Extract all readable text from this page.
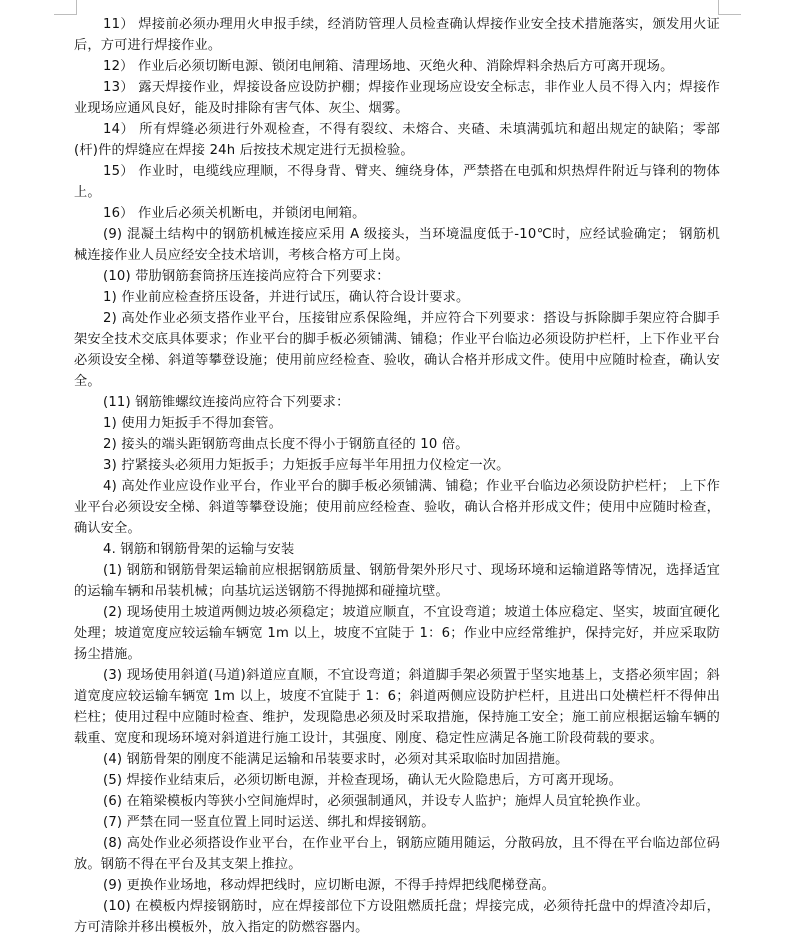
11） 焊接前必须办理用火申报手续，经消防管理人员检查确认焊接作业安全技术措施落实，颁发用火证后，方可进行焊接作业。

12） 作业后必须切断电源、锁闭电闸箱、清理场地、灭绝火种、消除焊料余热后方可离开现场。

13） 露天焊接作业，焊接设备应设防护棚；焊接作业现场应设安全标志，非作业人员不得入内；焊接作业现场应通风良好，能及时排除有害气体、灰尘、烟雾。

14） 所有焊缝必须进行外观检查，不得有裂纹、未熔合、夹碴、未填满弧坑和超出规定的缺陷；零部(杆)件的焊缝应在焊接 24h 后按技术规定进行无损检验。

15） 作业时，电缆线应理顺，不得身背、臂夹、缠绕身体，严禁搭在电弧和炽热焊件附近与锋利的物体上。

16） 作业后必须关机断电，并锁闭电闸箱。

(9) 混凝土结构中的钢筋机械连接应采用 A 级接头，当环境温度低于-10℃时，应经试验确定； 钢筋机械连接作业人员应经安全技术培训，考核合格方可上岗。

(10) 带肋钢筋套筒挤压连接尚应符合下列要求：

1) 作业前应检查挤压设备，并进行试压，确认符合设计要求。

2) 高处作业必须支搭作业平台，压接钳应系保险绳，并应符合下列要求：搭设与拆除脚手架应符合脚手架安全技术交底具体要求；作业平台的脚手板必须铺满、铺稳；作业平台临边必须设防护栏杆，上下作业平台必须设安全梯、斜道等攀登设施；使用前应经检查、验收，确认合格并形成文件。使用中应随时检查，确认安全。

(11) 钢筋锥螺纹连接尚应符合下列要求：

1) 使用力矩扳手不得加套管。

2) 接头的端头距钢筋弯曲点长度不得小于钢筋直径的 10 倍。

3) 拧紧接头必须用力矩扳手；力矩扳手应每半年用扭力仪检定一次。

4) 高处作业应设作业平台，作业平台的脚手板必须铺满、铺稳；作业平台临边必须设防护栏杆； 上下作业平台必须设安全梯、斜道等攀登设施；使用前应经检查、验收，确认合格并形成文件；使用中应随时检查，确认安全。

4. 钢筋和钢筋骨架的运输与安装

(1) 钢筋和钢筋骨架运输前应根据钢筋质量、钢筋骨架外形尺寸、现场环境和运输道路等情况，选择适宜的运输车辆和吊装机械；向基坑运送钢筋不得抛掷和碰撞坑壁。

(2) 现场使用土坡道两侧边坡必须稳定；坡道应顺直，不宜设弯道；坡道土体应稳定、坚实，坡面宜硬化处理；坡道宽度应较运输车辆宽 1m 以上，坡度不宜陡于 1：6；作业中应经常维护，保持完好，并应采取防扬尘措施。

(3) 现场使用斜道(马道)斜道应直顺，不宜设弯道；斜道脚手架必须置于坚实地基上，支搭必须牢固；斜道宽度应较运输车辆宽 1m 以上，坡度不宜陡于 1：6；斜道两侧应设防护栏杆，且进出口处横栏杆不得伸出栏柱；使用过程中应随时检查、维护，发现隐患必须及时采取措施，保持施工安全；施工前应根据运输车辆的载重、宽度和现场环境对斜道进行施工设计，其强度、刚度、稳定性应满足各施工阶段荷载的要求。

(4) 钢筋骨架的刚度不能满足运输和吊装要求时，必须对其采取临时加固措施。

(5) 焊接作业结束后，必须切断电源，并检查现场，确认无火险隐患后，方可离开现场。

(6) 在箱梁模板内等狭小空间施焊时，必须强制通风，并设专人监护；施焊人员宜轮换作业。

(7) 严禁在同一竖直位置上同时运送、绑扎和焊接钢筋。

(8) 高处作业必须搭设作业平台，在作业平台上，钢筋应随用随运，分散码放，且不得在平台临边部位码放。钢筋不得在平台及其支架上推拉。

(9) 更换作业场地，移动焊把线时，应切断电源，不得手持焊把线爬梯登高。

(10) 在模板内焊接钢筋时，应在焊接部位下方设阻燃质托盘；焊接完成，必须待托盘中的焊渣冷却后，方可清除并移出模板外，放入指定的防燃容器内。
